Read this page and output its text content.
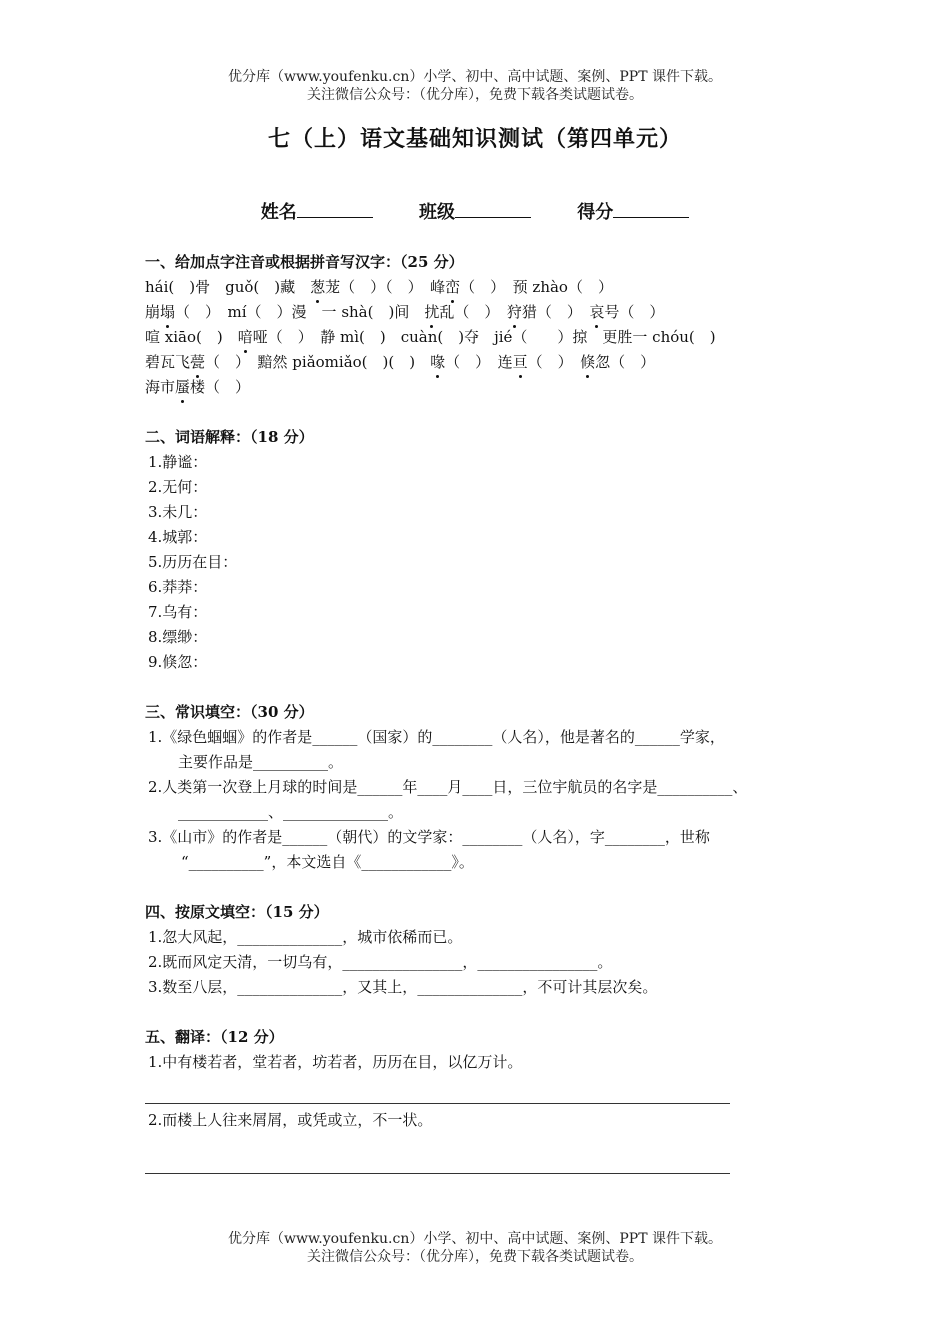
优分库（www.youfenku.cn）小学、初中、高中试题、案例、PPT 课件下载。
关注微信公众号：（优分库），免费下载各类试题试卷。
七（上）语文基础知识测试（第四单元）
姓名	班级	得分
一、给加点字注音或根据拼音写汉字：（25 分）
hái(　)骨　guǒ(　)藏　葱茏（　）（　）　峰峦（　）　预 zhào（　）
崩塌（　）　mí（　）漫　一 shà(　)间　扰乱（　）　狩猎（　）　哀号（　）
喧 xiāo(　)　喑哑（　）　静 mì(　)　cuàn(　)夺　jié（　　）掠　更胜一 chóu(　)
碧瓦飞甍（　）　黯然 piǎomiǎo(　)(　)　喙（　）　连亘（　）　倏忽（　）
海市蜃楼（　）
二、词语解释：（18 分）
1.静谧：
2.无何：
3.未几：
4.城郭：
5.历历在目：
6.莽莽：
7.乌有：
8.缥缈：
9.倏忽：
三、常识填空：（30 分）
1.《绿色蝈蝈》的作者是______（国家）的________（人名），他是著名的______学家，
主要作品是__________。
2.人类第一次登上月球的时间是______年____月____日，三位宇航员的名字是__________、
____________、______________。
3.《山市》的作者是______（朝代）的文学家：________（人名），字________，世称
“__________”，本文选自《____________》。
四、按原文填空：（15 分）
1.忽大风起，______________，城市依稀而已。
2.既而风定天清，一切乌有，________________，________________。
3.数至八层，______________，又其上，______________，不可计其层次矣。
五、翻译：（12 分）
1.中有楼若者，堂若者，坊若者，历历在目，以亿万计。
2.而楼上人往来屑屑，或凭或立，不一状。
优分库（www.youfenku.cn）小学、初中、高中试题、案例、PPT 课件下载。
关注微信公众号：（优分库），免费下载各类试题试卷。
